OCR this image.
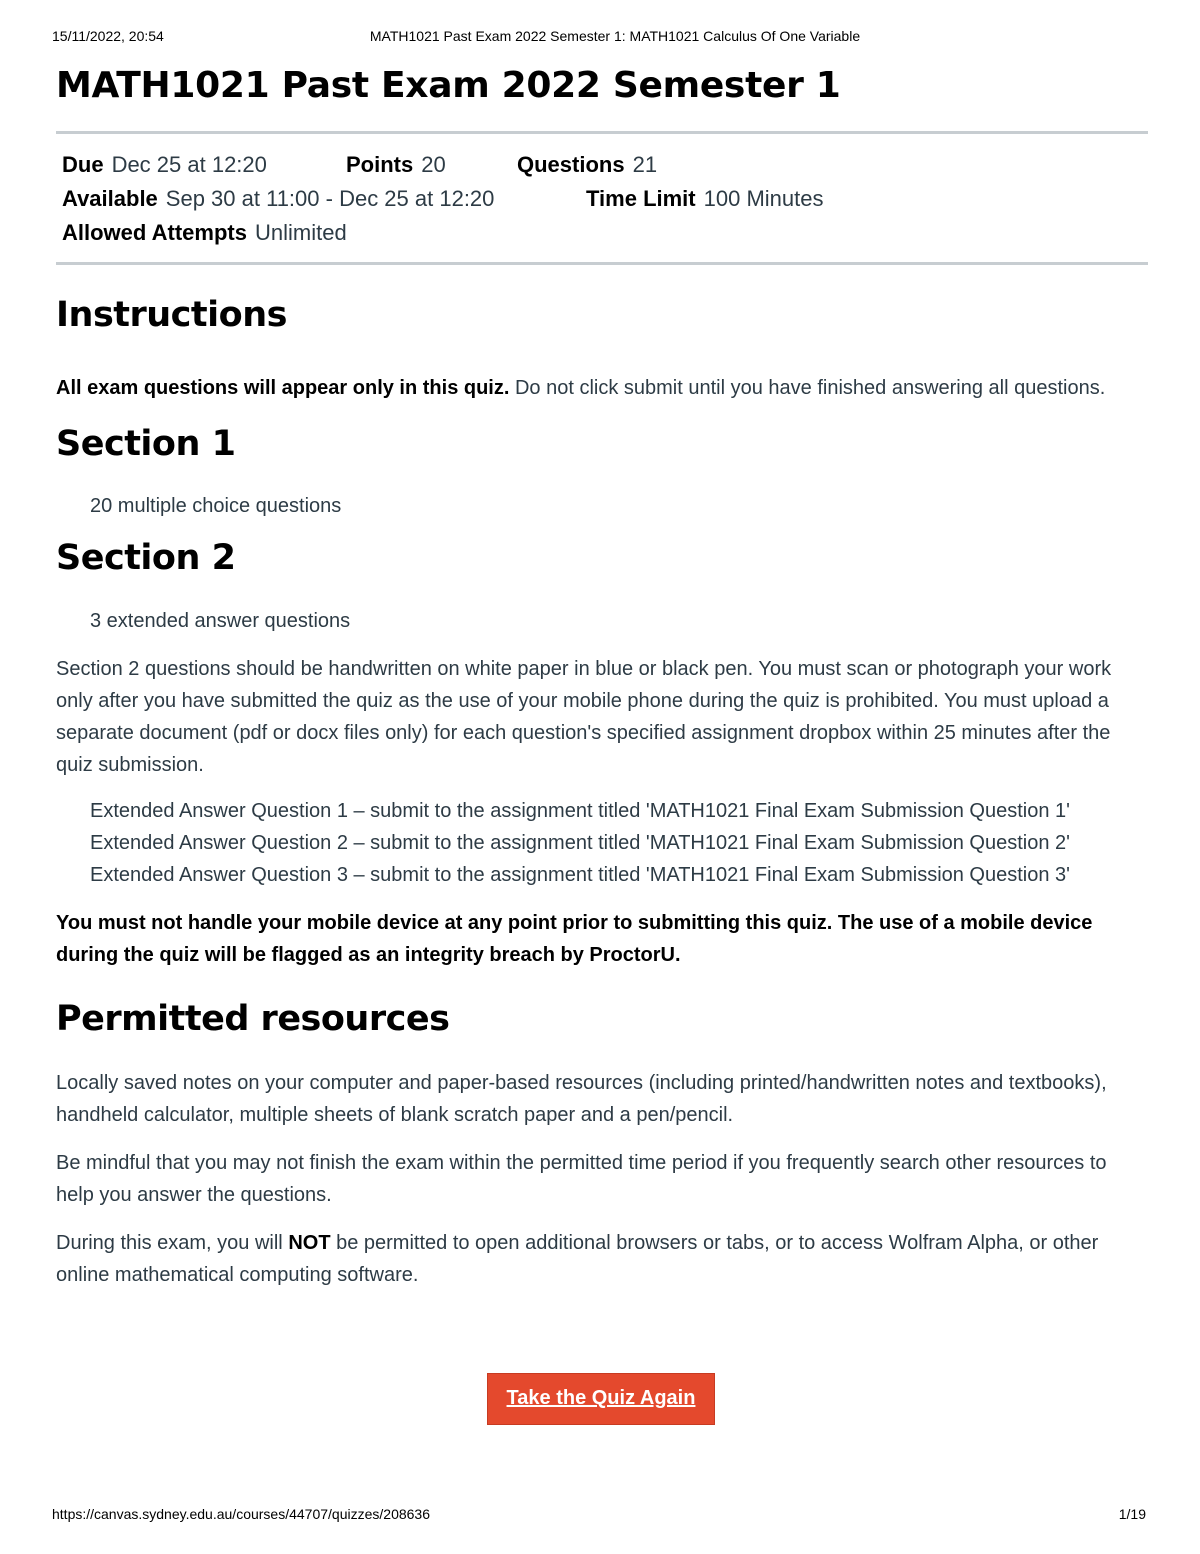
15/11/2022, 20:54	MATH1021 Past Exam 2022 Semester 1: MATH1021 Calculus Of One Variable
MATH1021 Past Exam 2022 Semester 1
Due Dec 25 at 12:20	Points 20	Questions 21
Available Sep 30 at 11:00 - Dec 25 at 12:20	Time Limit 100 Minutes
Allowed Attempts Unlimited
Instructions

All exam questions will appear only in this quiz. Do not click submit until you have finished answering all questions.

Section 1

20 multiple choice questions

Section 2

3 extended answer questions

Section 2 questions should be handwritten on white paper in blue or black pen. You must scan or photograph your work only after you have submitted the quiz as the use of your mobile phone during the quiz is prohibited. You must upload a separate document (pdf or docx files only) for each question's specified assignment dropbox within 25 minutes after the quiz submission.

Extended Answer Question 1 – submit to the assignment titled 'MATH1021 Final Exam Submission Question 1'

Extended Answer Question 2 – submit to the assignment titled 'MATH1021 Final Exam Submission Question 2'

Extended Answer Question 3 – submit to the assignment titled 'MATH1021 Final Exam Submission Question 3'

You must not handle your mobile device at any point prior to submitting this quiz. The use of a mobile device during the quiz will be flagged as an integrity breach by ProctorU.

Permitted resources

Locally saved notes on your computer and paper-based resources (including printed/handwritten notes and textbooks), handheld calculator, multiple sheets of blank scratch paper and a pen/pencil.

Be mindful that you may not finish the exam within the permitted time period if you frequently search other resources to help you answer the questions.

During this exam, you will NOT be permitted to open additional browsers or tabs, or to access Wolfram Alpha, or other online mathematical computing software.

Take the Quiz Again
https://canvas.sydney.edu.au/courses/44707/quizzes/208636	1/19
